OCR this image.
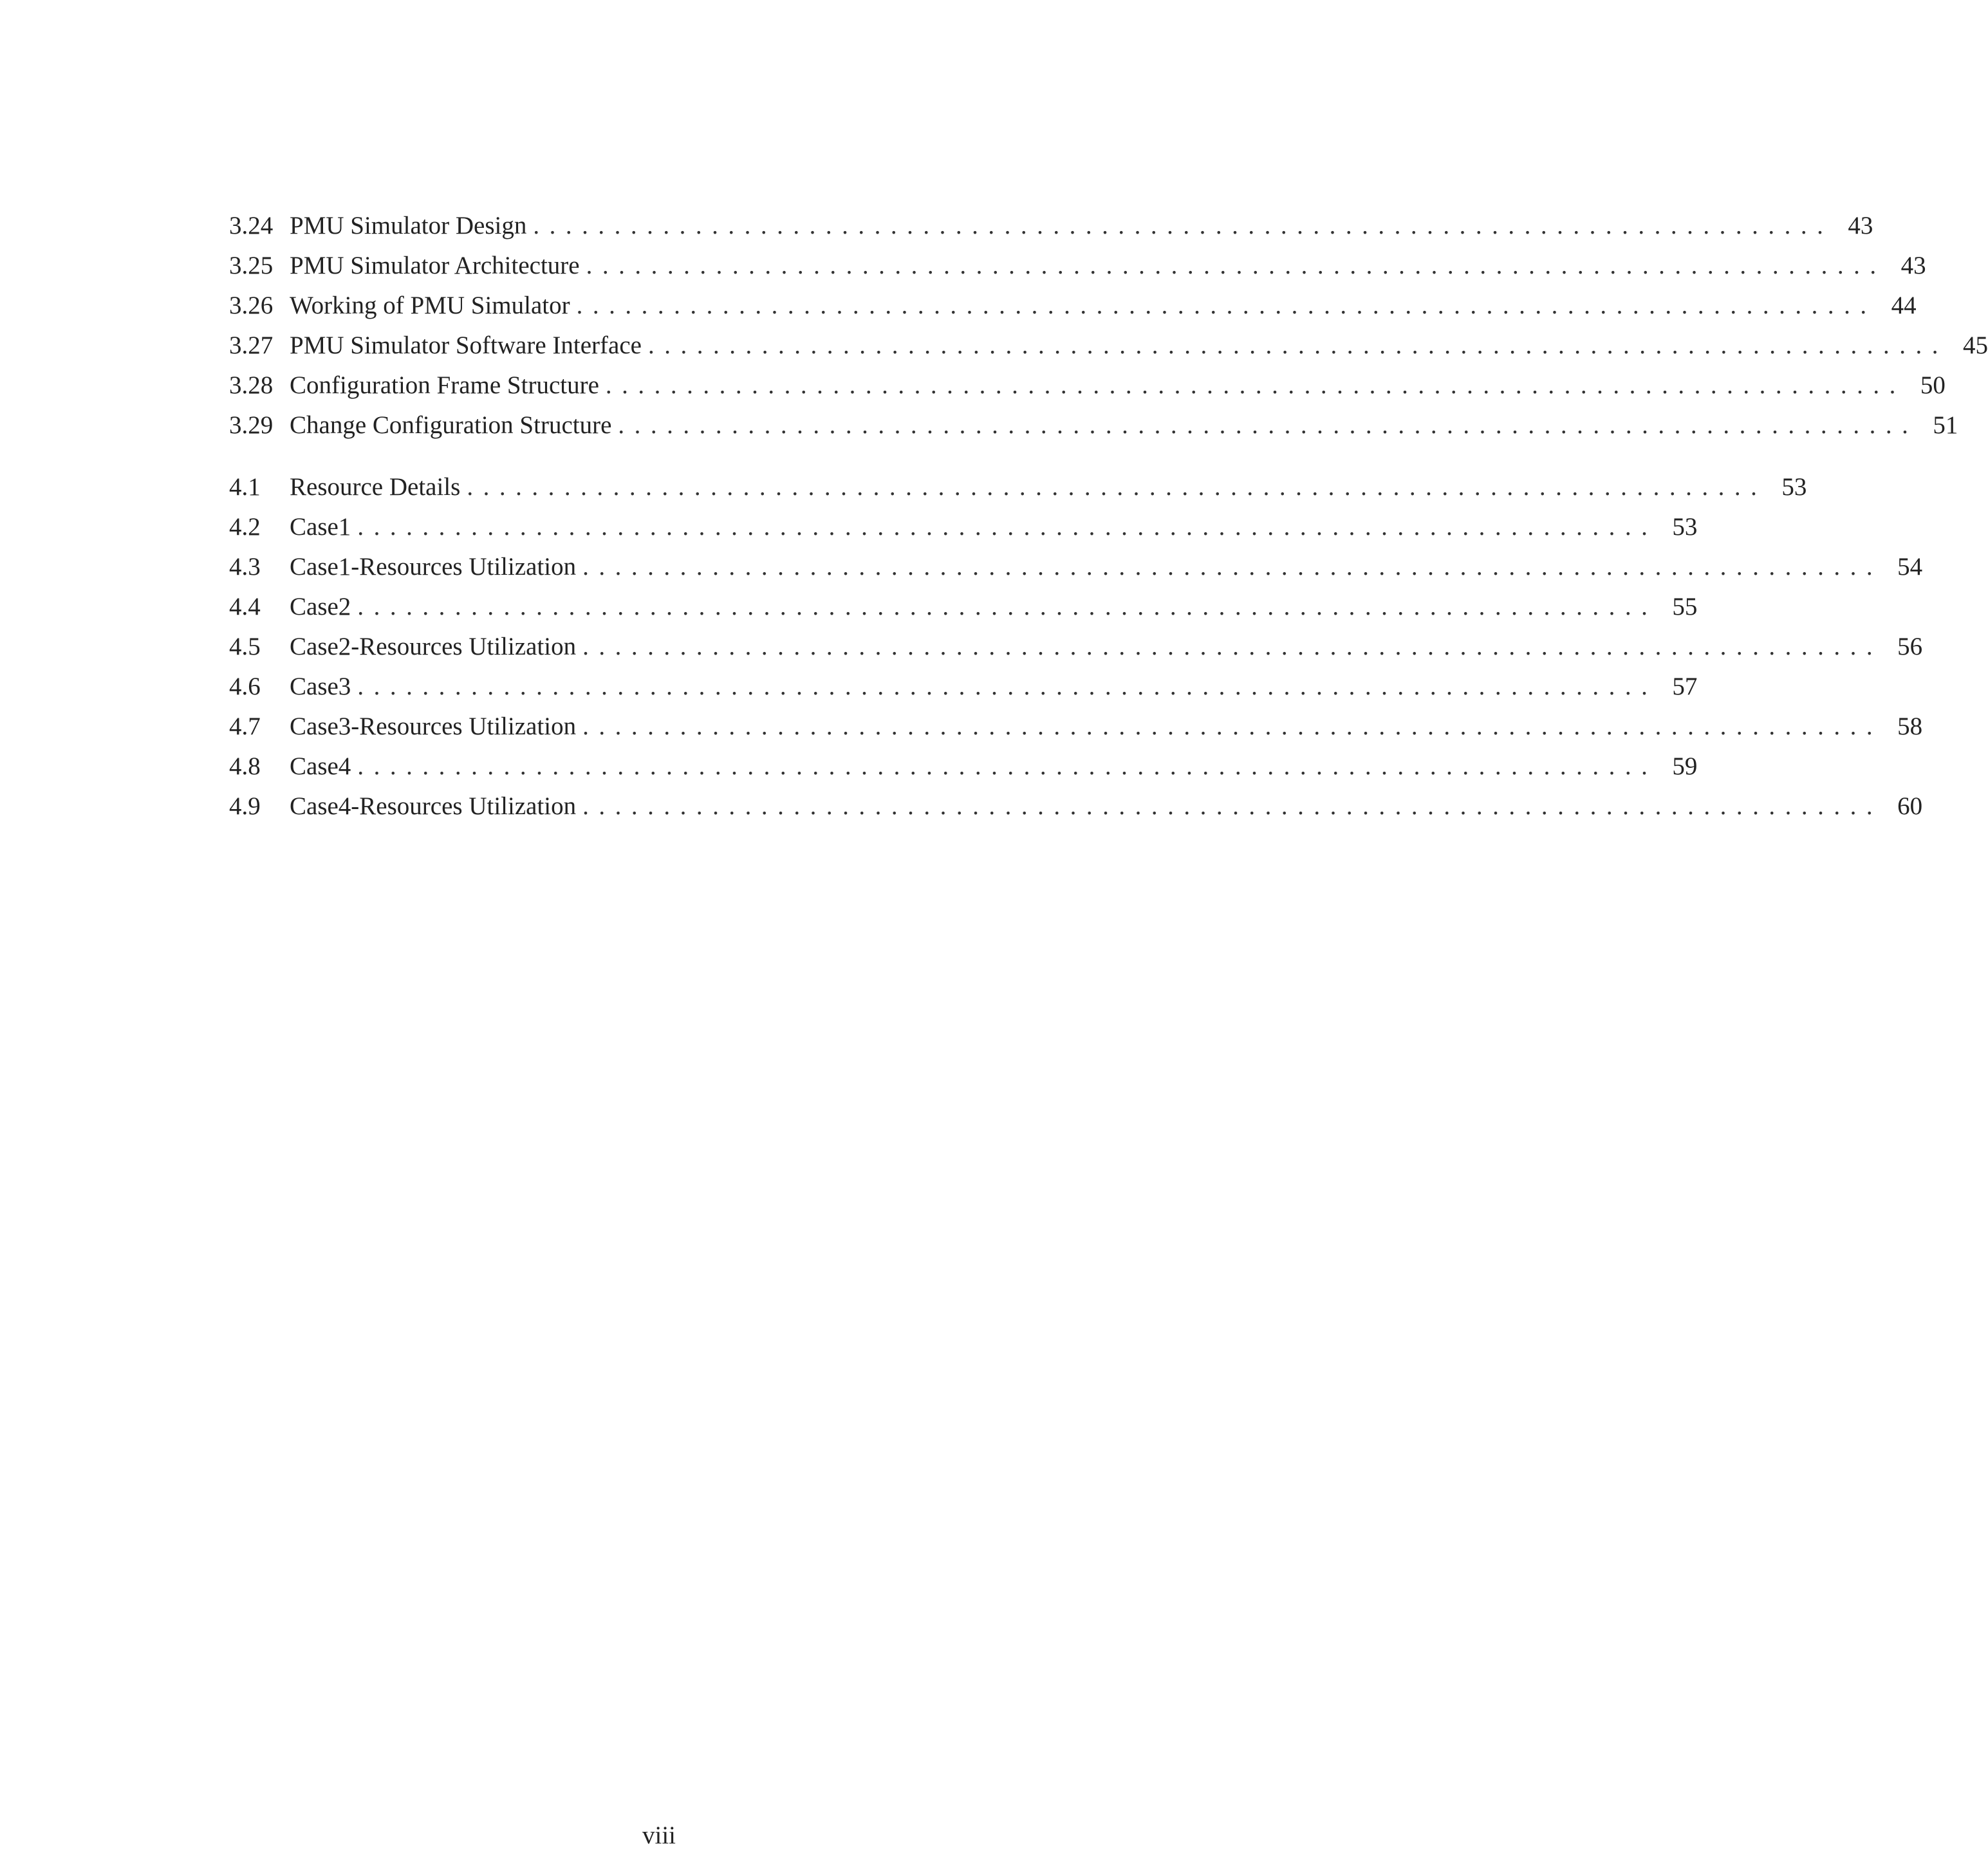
3.24 PMU Simulator Design ................................................................................ 43
3.25 PMU Simulator Architecture ................................................................................ 43
3.26 Working of PMU Simulator ................................................................................ 44
3.27 PMU Simulator Software Interface ................................................................................ 45
3.28 Configuration Frame Structure ................................................................................ 50
3.29 Change Configuration Structure ................................................................................ 51
4.1	Resource Details ................................................................................ 53
4.2	Case1 ................................................................................ 53
4.3	Case1-Resources Utilization ................................................................................ 54
4.4	Case2 ................................................................................ 55
4.5	Case2-Resources Utilization ................................................................................ 56
4.6	Case3 ................................................................................ 57
4.7	Case3-Resources Utilization ................................................................................ 58
4.8	Case4 ................................................................................ 59
4.9	Case4-Resources Utilization ................................................................................ 60
viii
